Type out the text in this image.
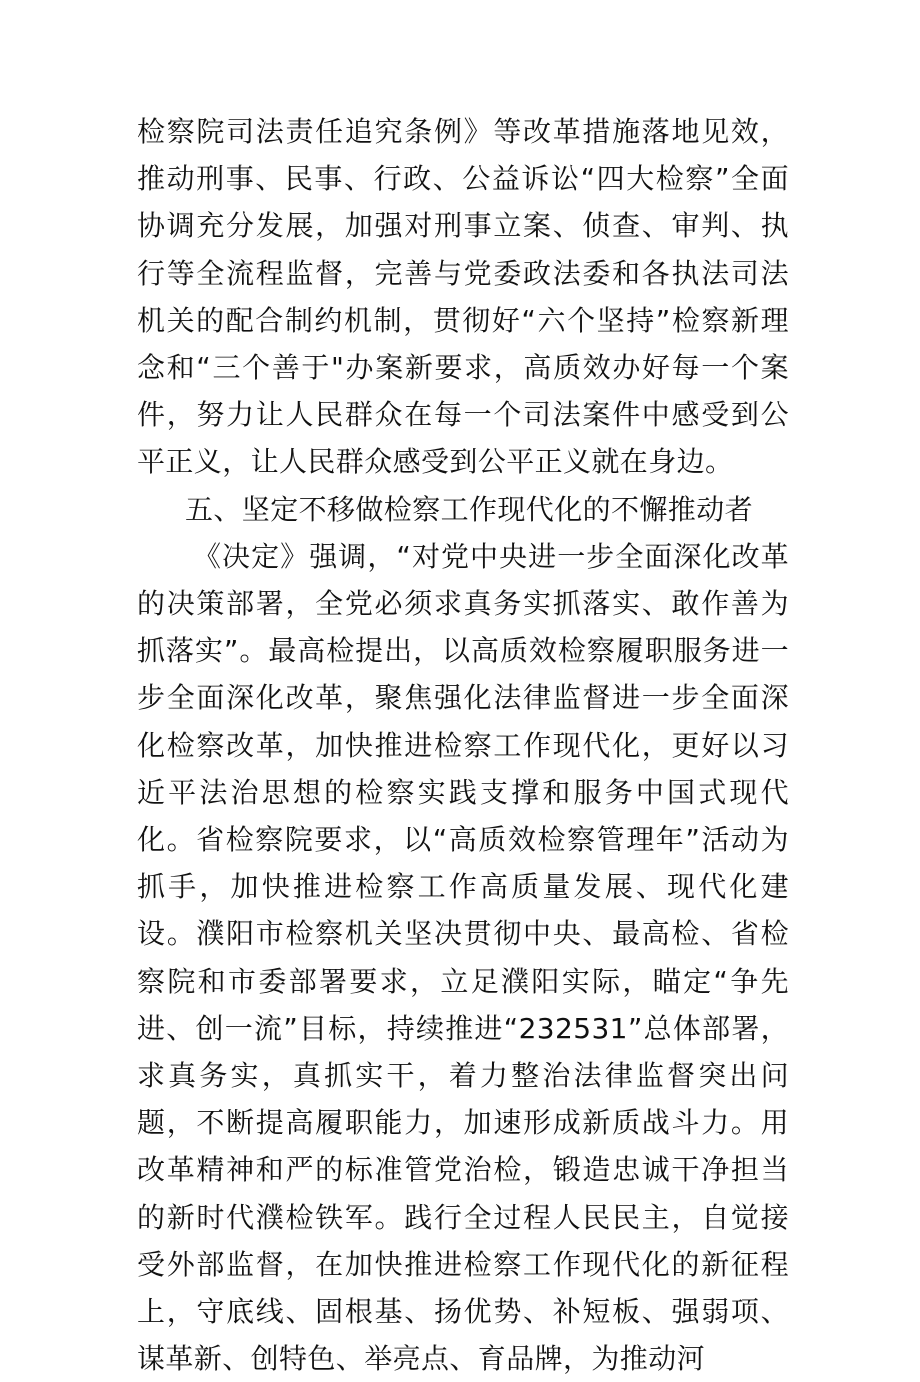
检察院司法责任追究条例》等改革措施落地见效，推动刑事、民事、行政、公益诉讼“四大检察”全面协调充分发展，加强对刑事立案、侦查、审判、执行等全流程监督，完善与党委政法委和各执法司法机关的配合制约机制，贯彻好“六个坚持”检察新理念和“三个善于"办案新要求，高质效办好每一个案件，努力让人民群众在每一个司法案件中感受到公平正义，让人民群众感受到公平正义就在身边。

五、坚定不移做检察工作现代化的不懈推动者

《决定》强调，“对党中央进一步全面深化改革的决策部署，全党必须求真务实抓落实、敢作善为抓落实”。最高检提出，以高质效检察履职服务进一步全面深化改革，聚焦强化法律监督进一步全面深化检察改革，加快推进检察工作现代化，更好以习近平法治思想的检察实践支撑和服务中国式现代化。省检察院要求，以“高质效检察管理年”活动为抓手，加快推进检察工作高质量发展、现代化建设。濮阳市检察机关坚决贯彻中央、最高检、省检察院和市委部署要求，立足濮阳实际，瞄定“争先进、创一流”目标，持续推进“232531”总体部署，求真务实，真抓实干，着力整治法律监督突出问题，不断提高履职能力，加速形成新质战斗力。用改革精神和严的标准管党治检，锻造忠诚干净担当的新时代濮检铁军。践行全过程人民民主，自觉接受外部监督，在加快推进检察工作现代化的新征程上，守底线、固根基、扬优势、补短板、强弱项、谋革新、创特色、举亮点、育品牌，为推动河
